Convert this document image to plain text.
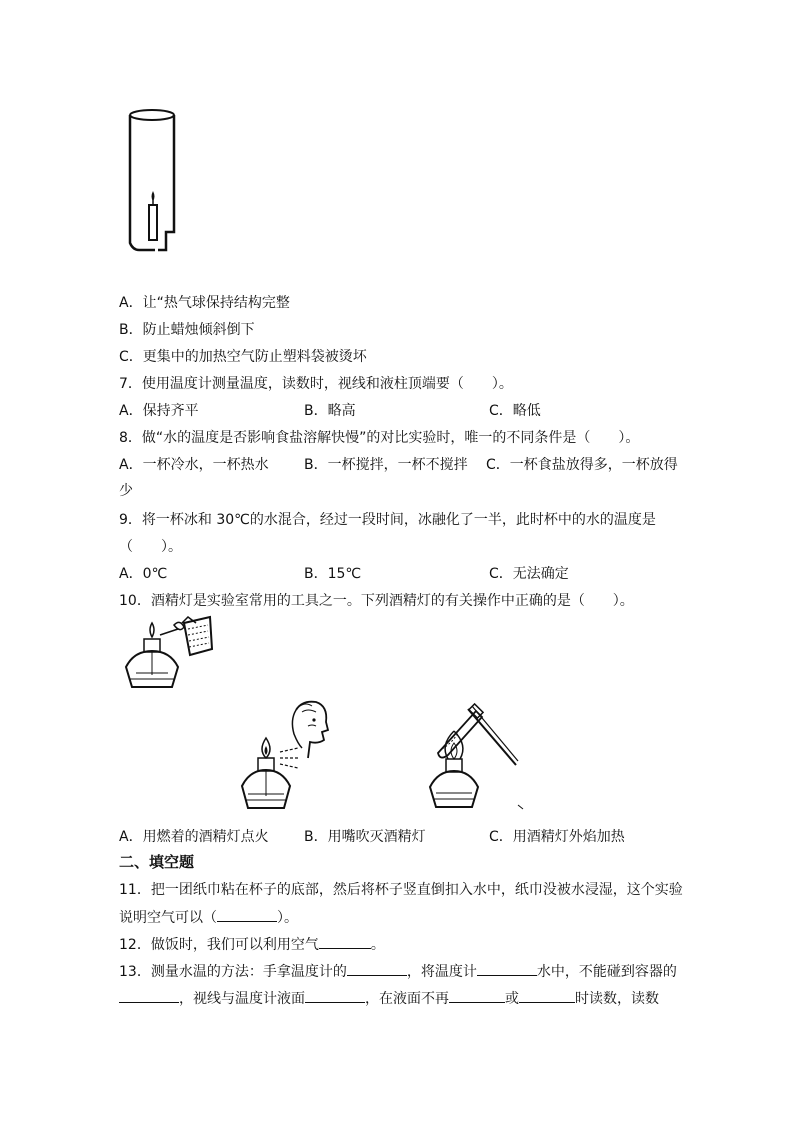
A．让“热气球保持结构完整
B．防止蜡烛倾斜倒下
C．更集中的加热空气防止塑料袋被烫坏
7．使用温度计测量温度，读数时，视线和液柱顶端要（　　）。
A．保持齐平	B．略高	C．略低
8．做“水的温度是否影响食盐溶解快慢”的对比实验时，唯一的不同条件是（　　）。
A．一杯冷水，一杯热水	B．一杯搅拌，一杯不搅拌 C．一杯食盐放得多，一杯放得
少
9．将一杯冰和 30℃的水混合，经过一段时间，冰融化了一半，此时杯中的水的温度是
（　　）。
A．0℃	B．15℃	C．无法确定
10．酒精灯是实验室常用的工具之一。下列酒精灯的有关操作中正确的是（　　）。
A．用燃着的酒精灯点火	B．用嘴吹灭酒精灯	C．用酒精灯外焰加热
二、填空题
11．把一团纸巾粘在杯子的底部，然后将杯子竖直倒扣入水中，纸巾没被水浸湿，这个实验
说明空气可以（	）。
12．做饭时，我们可以利用空气	。
13．测量水温的方法：手拿温度计的	，将温度计	水中，不能碰到容器的
，视线与温度计液面	，在液面不再	或	时读数，读数
